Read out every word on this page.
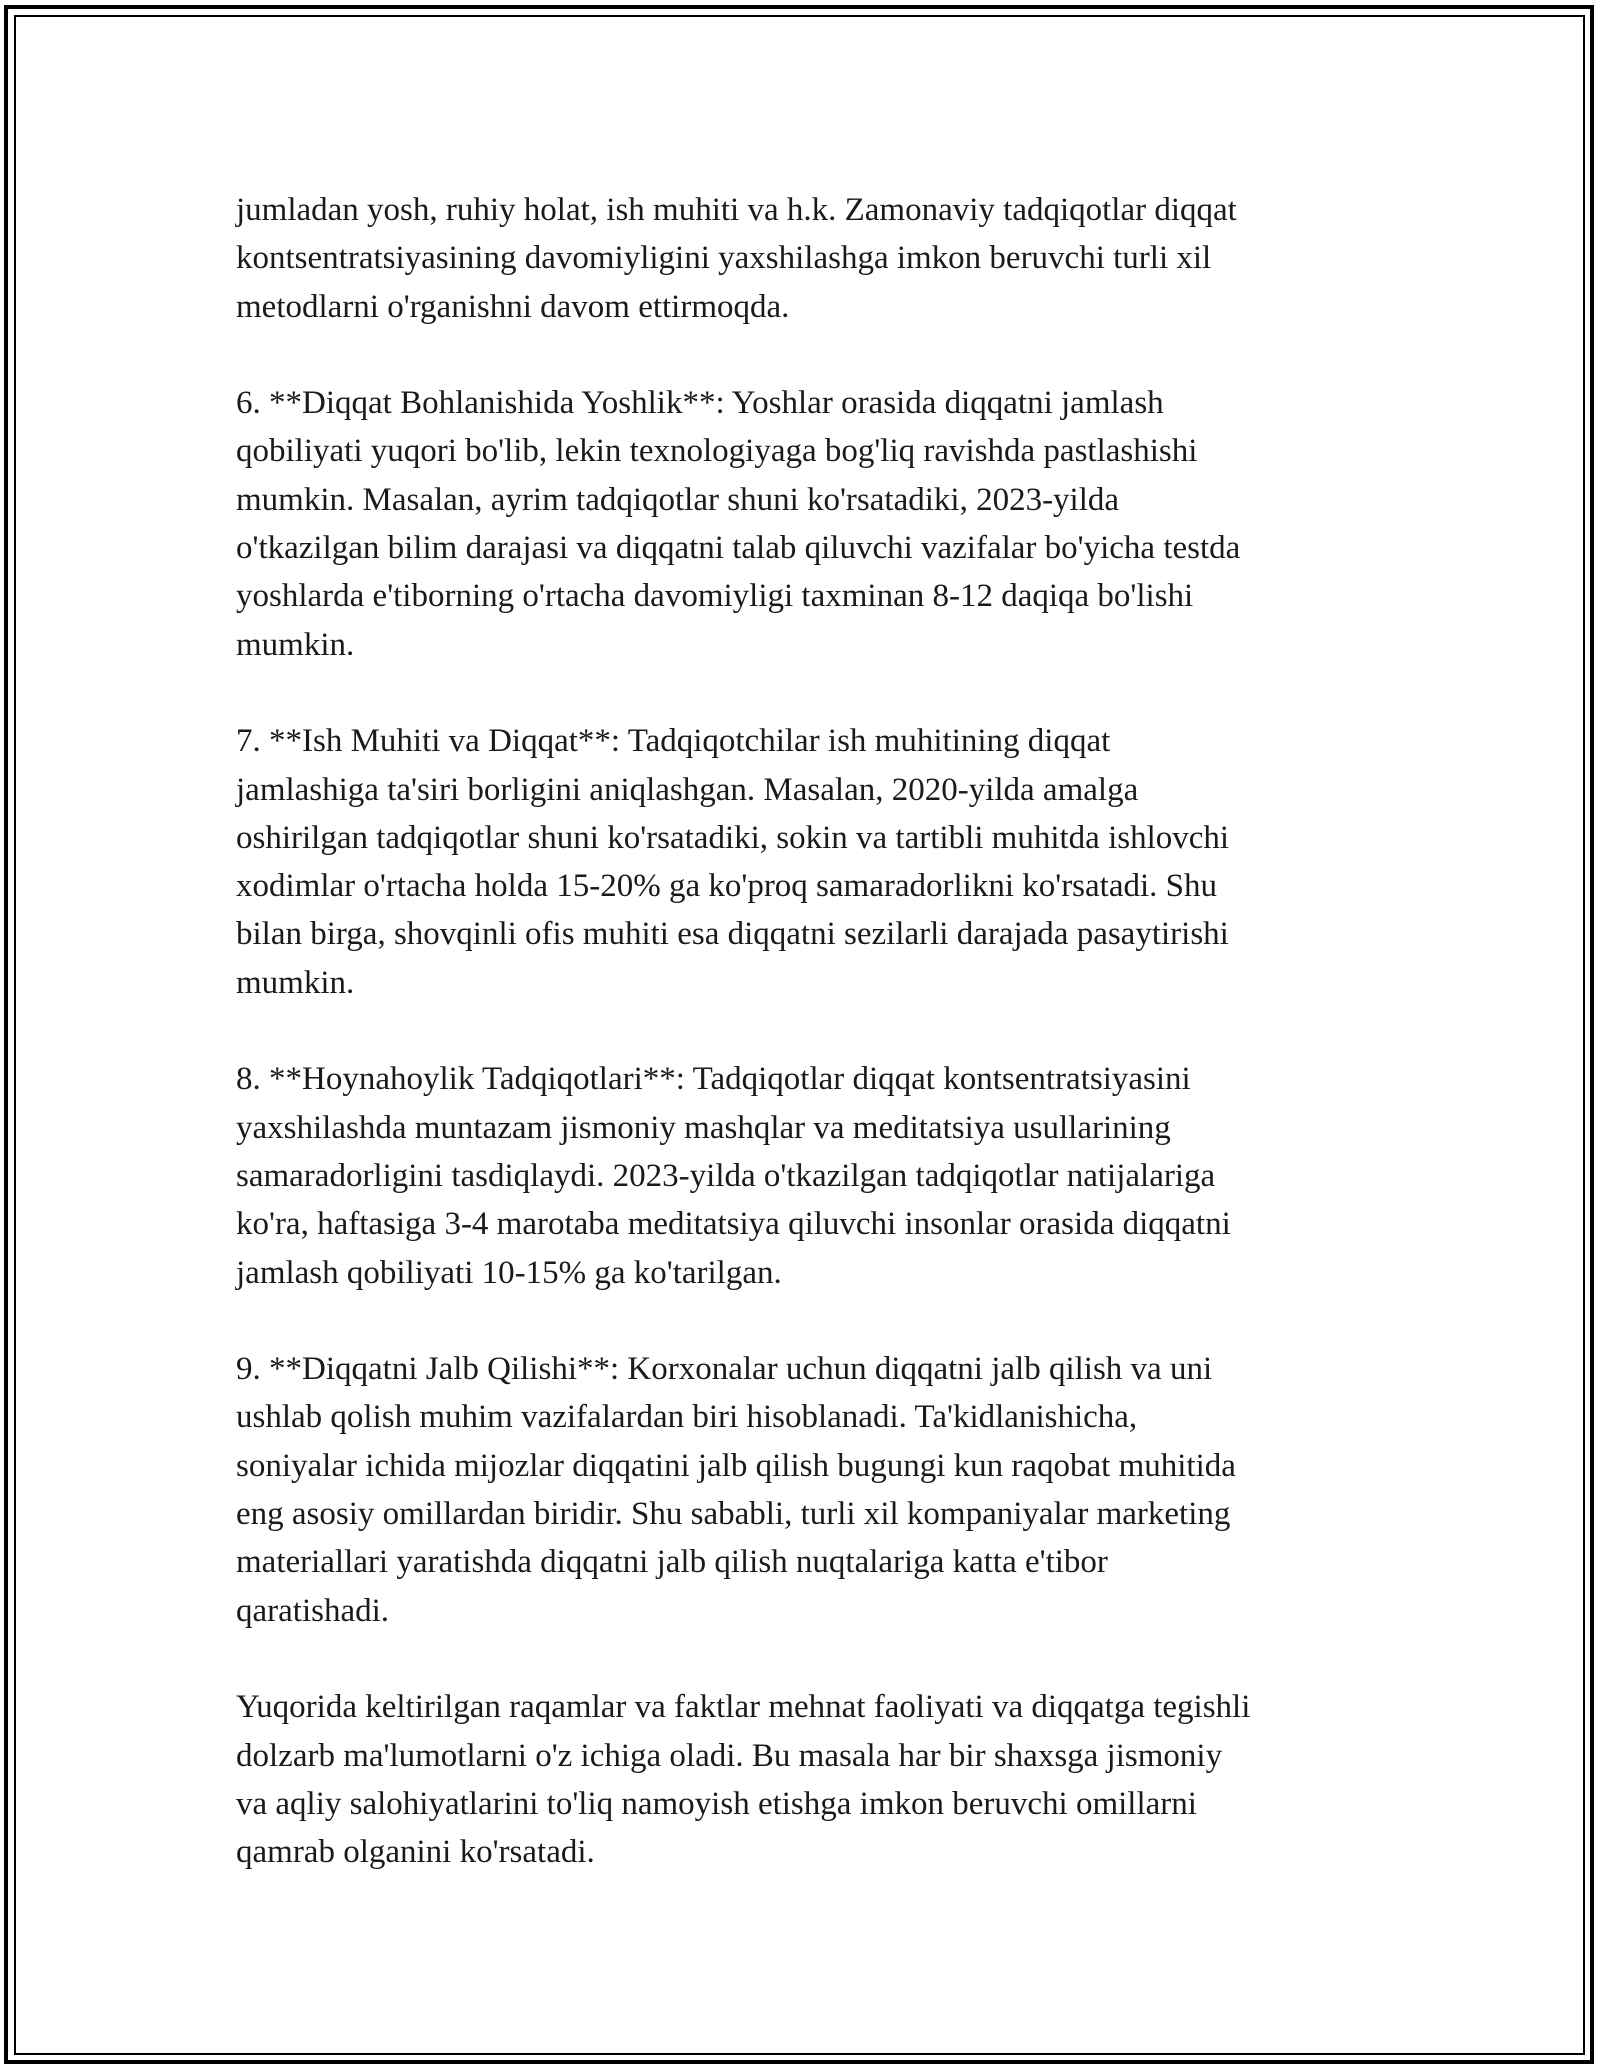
jumladan yosh, ruhiy holat, ish muhiti va h.k. Zamonaviy tadqiqotlar diqqat
kontsentratsiyasining davomiyligini yaxshilashga imkon beruvchi turli xil
metodlarni o'rganishni davom ettirmoqda.

6. **Diqqat Bohlanishida Yoshlik**: Yoshlar orasida diqqatni jamlash
qobiliyati yuqori bo'lib, lekin texnologiyaga bog'liq ravishda pastlashishi
mumkin. Masalan, ayrim tadqiqotlar shuni ko'rsatadiki, 2023-yilda
o'tkazilgan bilim darajasi va diqqatni talab qiluvchi vazifalar bo'yicha testda
yoshlarda e'tiborning o'rtacha davomiyligi taxminan 8-12 daqiqa bo'lishi
mumkin.

7. **Ish Muhiti va Diqqat**: Tadqiqotchilar ish muhitining diqqat
jamlashiga ta'siri borligini aniqlashgan. Masalan, 2020-yilda amalga
oshirilgan tadqiqotlar shuni ko'rsatadiki, sokin va tartibli muhitda ishlovchi
xodimlar o'rtacha holda 15-20% ga ko'proq samaradorlikni ko'rsatadi. Shu
bilan birga, shovqinli ofis muhiti esa diqqatni sezilarli darajada pasaytirishi
mumkin.

8. **Hoynahoylik Tadqiqotlari**: Tadqiqotlar diqqat kontsentratsiyasini
yaxshilashda muntazam jismoniy mashqlar va meditatsiya usullarining
samaradorligini tasdiqlaydi. 2023-yilda o'tkazilgan tadqiqotlar natijalariga
ko'ra, haftasiga 3-4 marotaba meditatsiya qiluvchi insonlar orasida diqqatni
jamlash qobiliyati 10-15% ga ko'tarilgan.

9. **Diqqatni Jalb Qilishi**: Korxonalar uchun diqqatni jalb qilish va uni
ushlab qolish muhim vazifalardan biri hisoblanadi. Ta'kidlanishicha,
soniyalar ichida mijozlar diqqatini jalb qilish bugungi kun raqobat muhitida
eng asosiy omillardan biridir. Shu sababli, turli xil kompaniyalar marketing
materiallari yaratishda diqqatni jalb qilish nuqtalariga katta e'tibor
qaratishadi.

Yuqorida keltirilgan raqamlar va faktlar mehnat faoliyati va diqqatga tegishli
dolzarb ma'lumotlarni o'z ichiga oladi. Bu masala har bir shaxsga jismoniy
va aqliy salohiyatlarini to'liq namoyish etishga imkon beruvchi omillarni
qamrab olganini ko'rsatadi.
